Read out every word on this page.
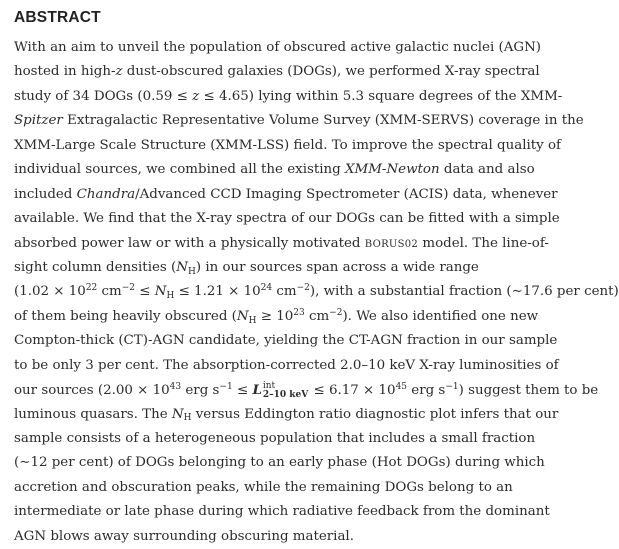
ABSTRACT
With an aim to unveil the population of obscured active galactic nuclei (AGN)
hosted in high-z dust-obscured galaxies (DOGs), we performed X-ray spectral
study of 34 DOGs (0.59 ≤ z ≤ 4.65) lying within 5.3 square degrees of the XMM-
Spitzer Extragalactic Representative Volume Survey (XMM-SERVS) coverage in the
XMM-Large Scale Structure (XMM-LSS) field. To improve the spectral quality of
individual sources, we combined all the existing XMM-Newton data and also
included Chandra/Advanced CCD Imaging Spectrometer (ACIS) data, whenever
available. We find that the X-ray spectra of our DOGs can be fitted with a simple
absorbed power law or with a physically motivated BORUS02 model. The line-of-
sight column densities $(N_H)$ in our sources span across a wide range
($1.02 \times 10^{22}$ $cm^{-2} \le N_H \le 1.21 \times 10^{24}$ $cm^{-2}$), with a substantial fraction (∼17.6 per cent)
of them being heavily obscured ($N_H \ge 10^{23}$ $cm^{-2}$). We also identified one new
Compton-thick (CT)-AGN candidate, yielding the CT-AGN fraction in our sample
to be only 3 per cent. The absorption-corrected 2.0–10 keV X-ray luminosities of
our sources ($2.00 \times 10^{43}$ erg $s^{-1} \le L$ int
2–10 keV ≤ $6.17 \times 10^{45}$ erg $s^{-1}$) suggest them to be
luminous quasars. The $N_H$ versus Eddington ratio diagnostic plot infers that our
sample consists of a heterogeneous population that includes a small fraction
(∼12 per cent) of DOGs belonging to an early phase (Hot DOGs) during which
accretion and obscuration peaks, while the remaining DOGs belong to an
intermediate or late phase during which radiative feedback from the dominant
AGN blows away surrounding obscuring material.
